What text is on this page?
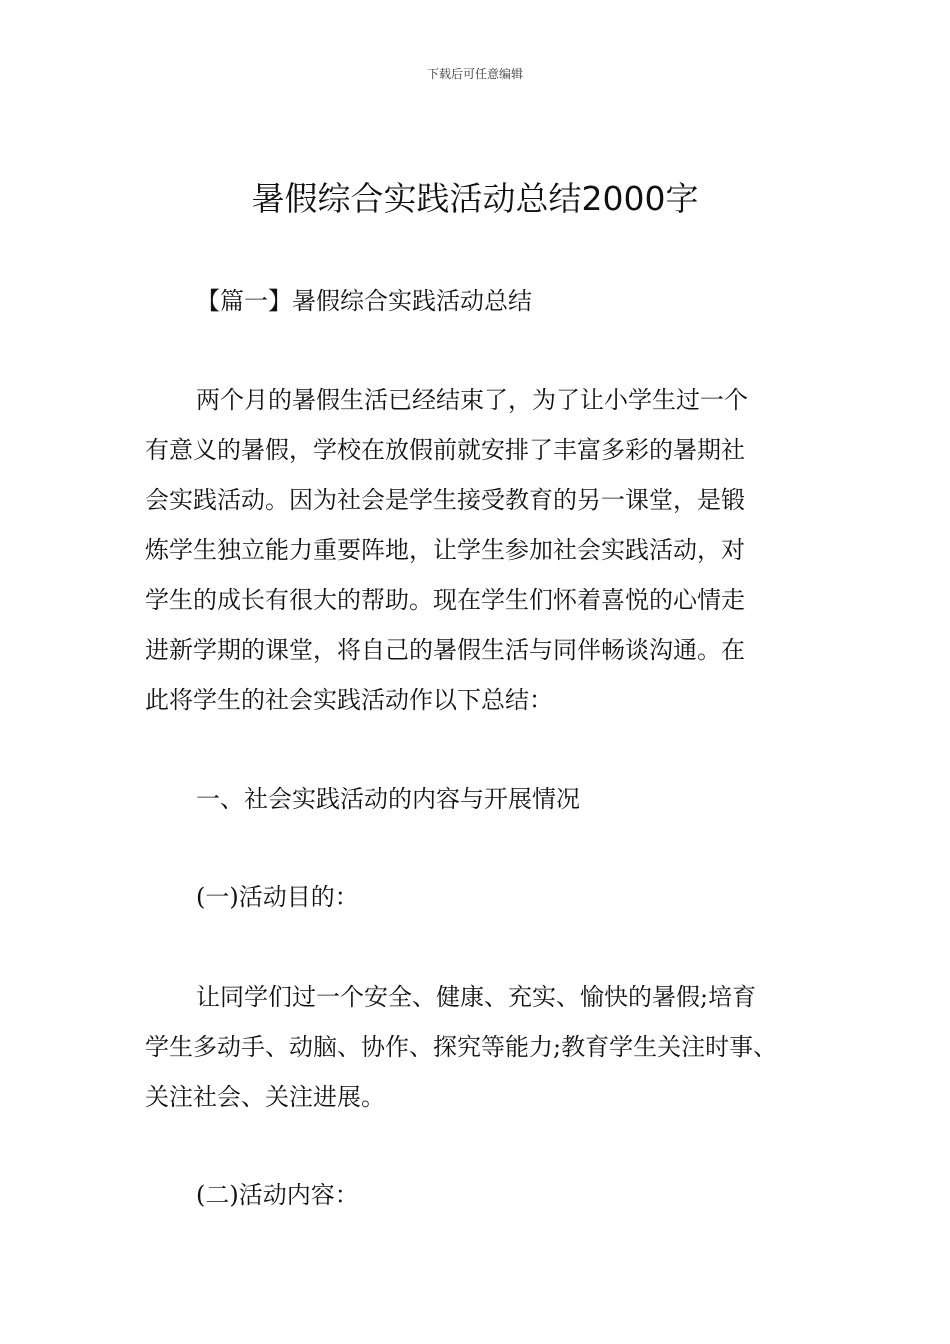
下载后可任意编辑
暑假综合实践活动总结2000字

【篇一】暑假综合实践活动总结

两个月的暑假生活已经结束了，为了让小学生过一个
有意义的暑假，学校在放假前就安排了丰富多彩的暑期社
会实践活动。因为社会是学生接受教育的另一课堂，是锻
炼学生独立能力重要阵地，让学生参加社会实践活动，对
学生的成长有很大的帮助。现在学生们怀着喜悦的心情走
进新学期的课堂，将自己的暑假生活与同伴畅谈沟通。在
此将学生的社会实践活动作以下总结：

一、社会实践活动的内容与开展情况

(一)活动目的：

让同学们过一个安全、健康、充实、愉快的暑假;培育
学生多动手、动脑、协作、探究等能力;教育学生关注时事、
关注社会、关注进展。

(二)活动内容：
